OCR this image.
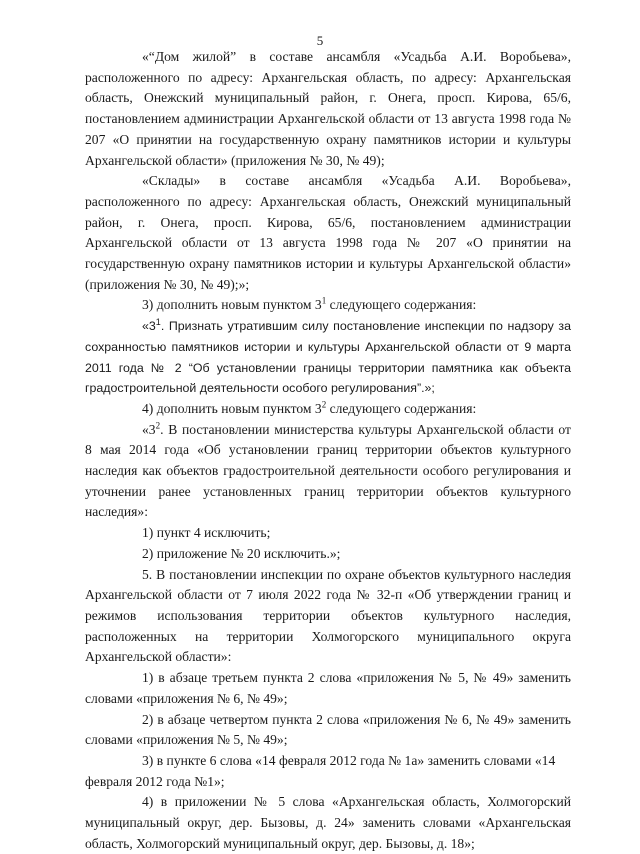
5

«“Дом жилой” в составе ансамбля «Усадьба А.И. Воробьева», расположенного по адресу: Архангельская область, по адресу: Архангельская область, Онежский муниципальный район, г. Онега, просп. Кирова, 65/6, постановлением администрации Архангельской области от 13 августа 1998 года № 207 «О принятии на государственную охрану памятников истории и культуры Архангельской области» (приложения № 30, № 49);

«Склады» в составе ансамбля «Усадьба А.И. Воробьева», расположенного по адресу: Архангельская область, Онежский муниципальный район, г. Онега, просп. Кирова, 65/6, постановлением администрации Архангельской области от 13 августа 1998 года № 207 «О принятии на государственную охрану памятников истории и культуры Архангельской области» (приложения № 30, № 49);»;

3) дополнить новым пунктом $3^1$ следующего содержания:

«$3^1$. Признать утратившим силу постановление инспекции по надзору за сохранностью памятников истории и культуры Архангельской области от 9 марта 2011 года № 2 “Об установлении границы территории памятника как объекта градостроительной деятельности особого регулирования”.»;

4) дополнить новым пунктом $3^2$ следующего содержания:

«$3^2$. В постановлении министерства культуры Архангельской области от 8 мая 2014 года «Об установлении границ территории объектов культурного наследия как объектов градостроительной деятельности особого регулирования и уточнении ранее установленных границ территории объектов культурного наследия»:

1) пункт 4 исключить;

2) приложение № 20 исключить.»;

5. В постановлении инспекции по охране объектов культурного наследия Архангельской области от 7 июля 2022 года № 32-п «Об утверждении границ и режимов использования территории объектов культурного наследия, расположенных на территории Холмогорского муниципального округа Архангельской области»:

1) в абзаце третьем пункта 2 слова «приложения № 5, № 49» заменить словами «приложения № 6, № 49»;

2) в абзаце четвертом пункта 2 слова «приложения № 6, № 49» заменить словами «приложения № 5, № 49»;

3) в пункте 6 слова «14 февраля 2012 года № 1а» заменить словами «14 февраля 2012 года №1»;

4) в приложении № 5 слова «Архангельская область, Холмогорский муниципальный округ, дер. Бызовы, д. 24» заменить словами «Архангельская область, Холмогорский муниципальный округ, дер. Бызовы, д. 18»;
